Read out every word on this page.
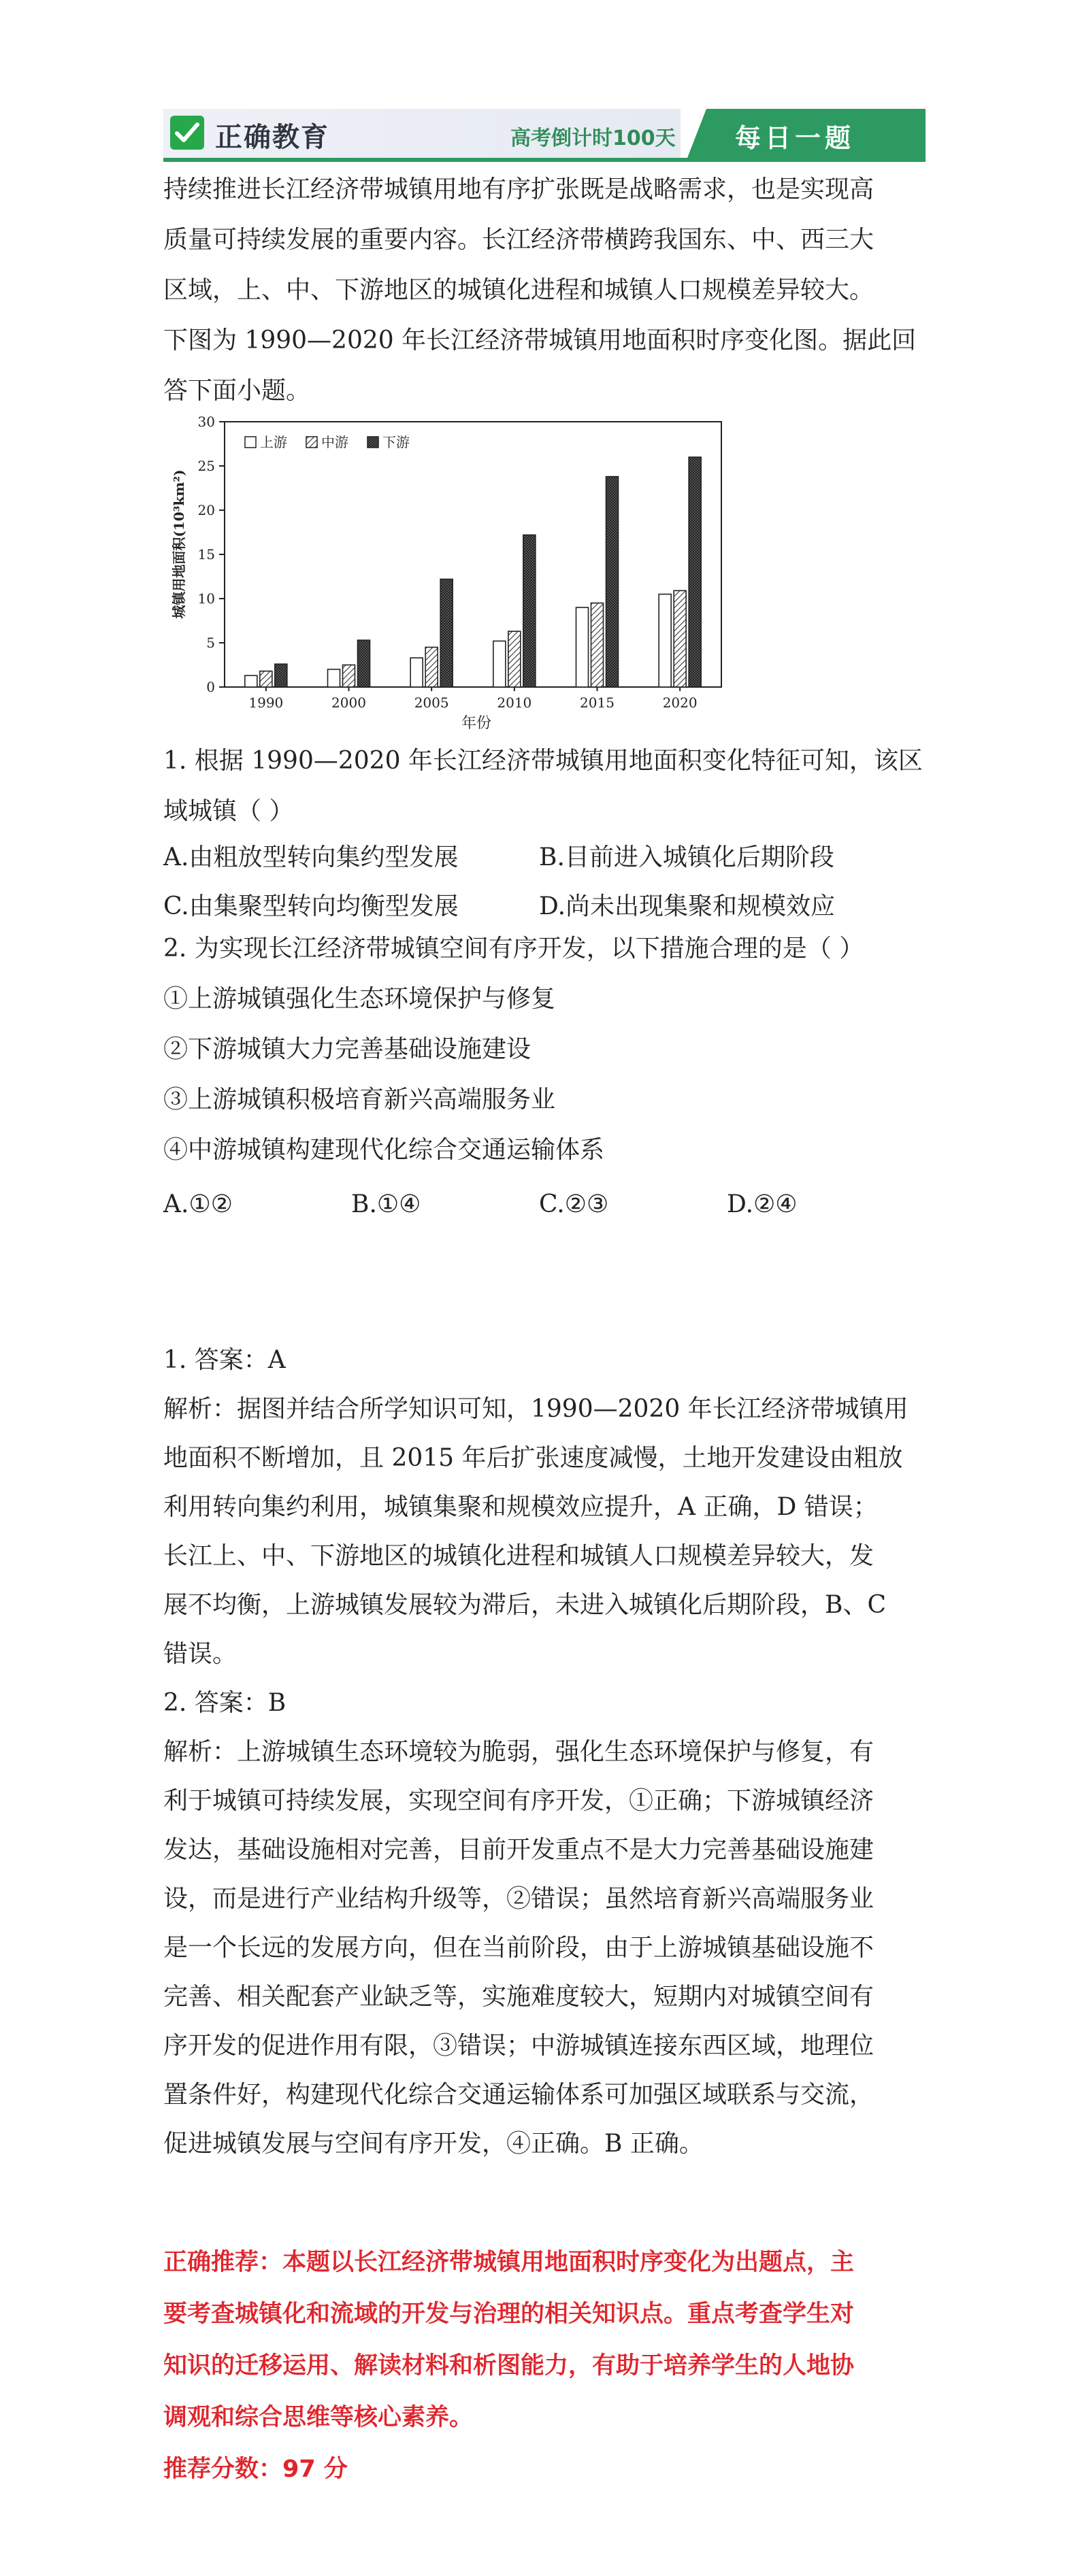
正确教育	高考倒计时100天 每日一题
持续推进长江经济带城镇用地有序扩张既是战略需求，也是实现高
质量可持续发展的重要内容。长江经济带横跨我国东、中、西三大
区域，上、中、下游地区的城镇化进程和城镇人口规模差异较大。
下图为 1990—2020 年长江经济带城镇用地面积时序变化图。据此回
答下面小题。
0
5
10
15
20
25
30
1990	2000	2005	2010	2015	2020
上游	中游	下游
城镇用地面积(10³km²)
年份
1. 根据 1990—2020 年长江经济带城镇用地面积变化特征可知，该区
域城镇（ ）
A.由粗放型转向集约型发展	B.目前进入城镇化后期阶段
C.由集聚型转向均衡型发展	D.尚未出现集聚和规模效应
2. 为实现长江经济带城镇空间有序开发，以下措施合理的是（ ）
①上游城镇强化生态环境保护与修复
②下游城镇大力完善基础设施建设
③上游城镇积极培育新兴高端服务业
④中游城镇构建现代化综合交通运输体系
A.①②	B.①④	C.②③	D.②④
1. 答案：A
解析：据图并结合所学知识可知，1990—2020 年长江经济带城镇用
地面积不断增加，且 2015 年后扩张速度减慢，土地开发建设由粗放
利用转向集约利用，城镇集聚和规模效应提升，A 正确，D 错误；
长江上、中、下游地区的城镇化进程和城镇人口规模差异较大，发
展不均衡，上游城镇发展较为滞后，未进入城镇化后期阶段，B、C
错误。
2. 答案：B
解析：上游城镇生态环境较为脆弱，强化生态环境保护与修复，有
利于城镇可持续发展，实现空间有序开发，①正确；下游城镇经济
发达，基础设施相对完善，目前开发重点不是大力完善基础设施建
设，而是进行产业结构升级等，②错误；虽然培育新兴高端服务业
是一个长远的发展方向，但在当前阶段，由于上游城镇基础设施不
完善、相关配套产业缺乏等，实施难度较大，短期内对城镇空间有
序开发的促进作用有限，③错误；中游城镇连接东西区域，地理位
置条件好，构建现代化综合交通运输体系可加强区域联系与交流，
促进城镇发展与空间有序开发，④正确。B 正确。
正确推荐：本题以长江经济带城镇用地面积时序变化为出题点，主
要考查城镇化和流域的开发与治理的相关知识点。重点考查学生对
知识的迁移运用、解读材料和析图能力，有助于培养学生的人地协
调观和综合思维等核心素养。
推荐分数：97 分
